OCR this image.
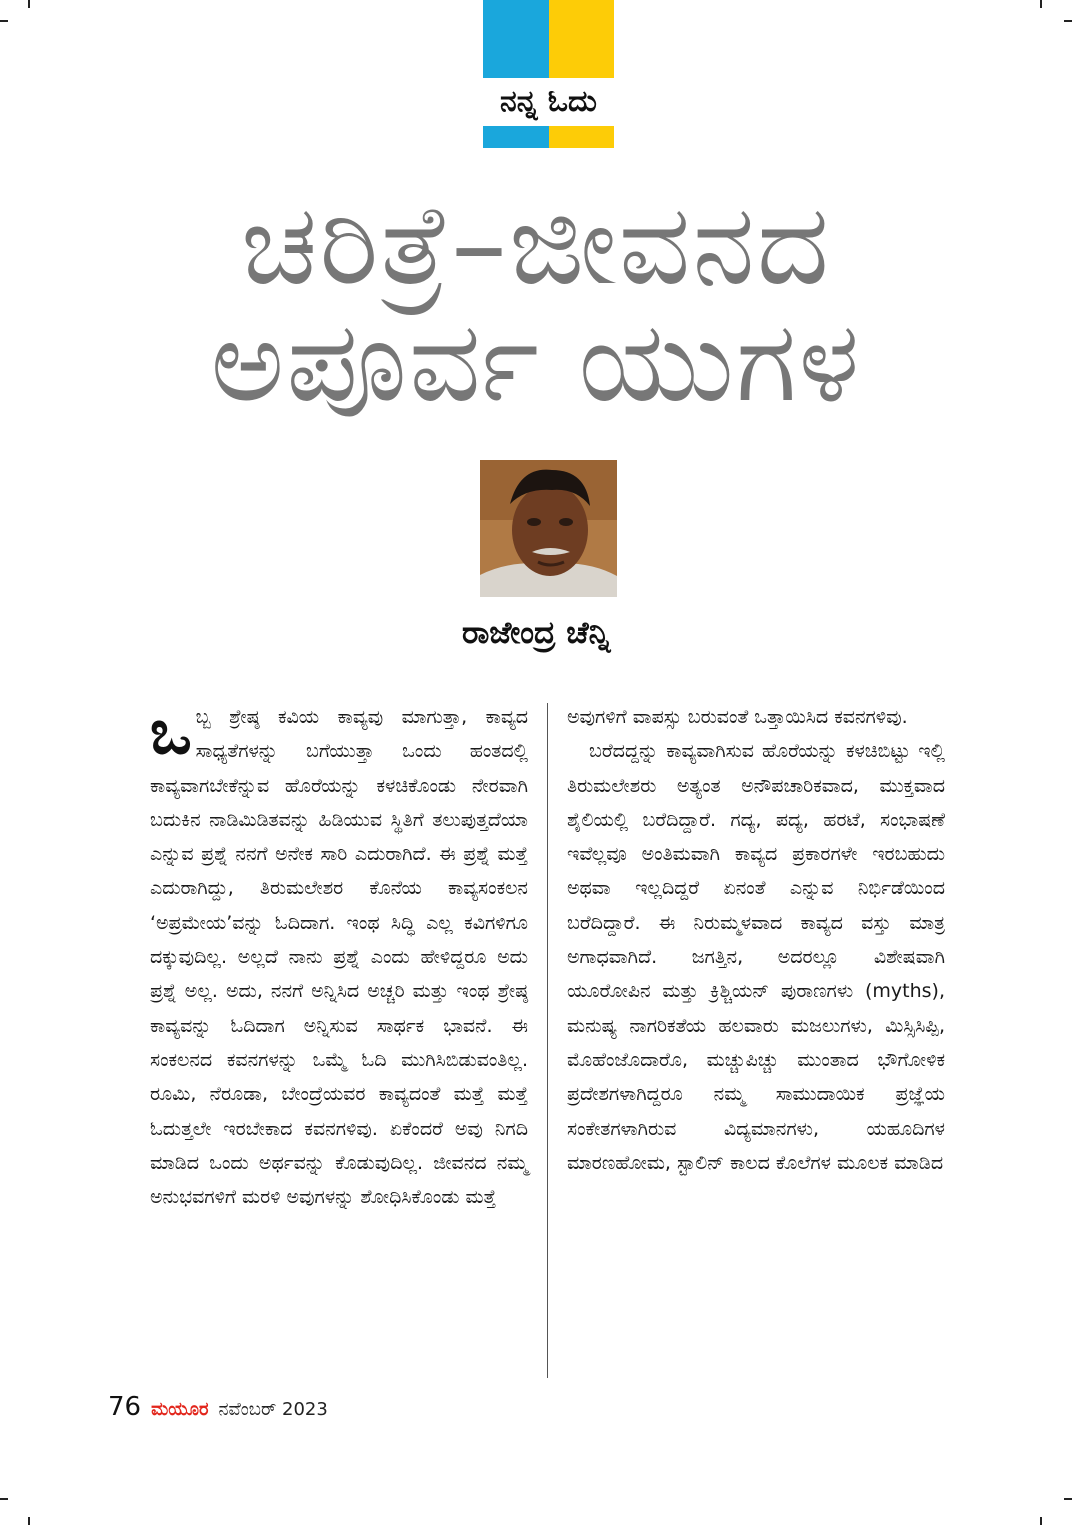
ನನ್ನ ಓದು
ಚರಿತ್ರೆ–ಜೀವನದ
ಅಪೂರ್ವ ಯುಗಳ
ರಾಜೇಂದ್ರ ಚೆನ್ನಿ

ಒಬ್ಬ ಶ್ರೇಷ್ಠ ಕವಿಯ ಕಾವ್ಯವು ಮಾಗುತ್ತಾ, ಕಾವ್ಯದ ಸಾಧ್ಯತೆಗಳನ್ನು ಬಗೆಯುತ್ತಾ ಒಂದು ಹಂತದಲ್ಲಿ ಕಾವ್ಯವಾಗಬೇಕೆನ್ನುವ ಹೊರೆಯನ್ನು ಕಳಚಿಕೊಂಡು ನೇರವಾಗಿ ಬದುಕಿನ ನಾಡಿಮಿಡಿತವನ್ನು ಹಿಡಿಯುವ ಸ್ಥಿತಿಗೆ ತಲುಪುತ್ತದೆಯಾ ಎನ್ನುವ ಪ್ರಶ್ನೆ ನನಗೆ ಅನೇಕ ಸಾರಿ ಎದುರಾಗಿದೆ. ಈ ಪ್ರಶ್ನೆ ಮತ್ತೆ ಎದುರಾಗಿದ್ದು, ತಿರುಮಲೇಶರ ಕೊನೆಯ ಕಾವ್ಯಸಂಕಲನ ‘ಅಪ್ರಮೇಯ’ವನ್ನು ಓದಿದಾಗ. ಇಂಥ ಸಿದ್ಧಿ ಎಲ್ಲ ಕವಿಗಳಿಗೂ ದಕ್ಕುವುದಿಲ್ಲ. ಅಲ್ಲದೆ ನಾನು ಪ್ರಶ್ನೆ ಎಂದು ಹೇಳಿದ್ದರೂ ಅದು ಪ್ರಶ್ನೆ ಅಲ್ಲ. ಅದು, ನನಗೆ ಅನ್ನಿಸಿದ ಅಚ್ಚರಿ ಮತ್ತು ಇಂಥ ಶ್ರೇಷ್ಠ ಕಾವ್ಯವನ್ನು ಓದಿದಾಗ ಅನ್ನಿಸುವ ಸಾರ್ಥಕ ಭಾವನೆ. ಈ ಸಂಕಲನದ ಕವನಗಳನ್ನು ಒಮ್ಮೆ ಓದಿ ಮುಗಿಸಿಬಿಡುವಂತಿಲ್ಲ. ರೂಮಿ, ನೆರೂಡಾ, ಬೇಂದ್ರೆಯವರ ಕಾವ್ಯದಂತೆ ಮತ್ತೆ ಮತ್ತೆ ಓದುತ್ತಲೇ ಇರಬೇಕಾದ ಕವನಗಳಿವು. ಏಕೆಂದರೆ ಅವು ನಿಗದಿ ಮಾಡಿದ ಒಂದು ಅರ್ಥವನ್ನು ಕೊಡುವುದಿಲ್ಲ. ಜೀವನದ ನಮ್ಮ ಅನುಭವಗಳಿಗೆ ಮರಳಿ ಅವುಗಳನ್ನು ಶೋಧಿಸಿಕೊಂಡು ಮತ್ತೆ

ಅವುಗಳಿಗೆ ವಾಪಸ್ಸು ಬರುವಂತೆ ಒತ್ತಾಯಿಸಿದ ಕವನಗಳಿವು.

ಬರೆದದ್ದನ್ನು ಕಾವ್ಯವಾಗಿಸುವ ಹೊರೆಯನ್ನು ಕಳಚಿಬಿಟ್ಟು ಇಲ್ಲಿ ತಿರುಮಲೇಶರು ಅತ್ಯಂತ ಅನೌಪಚಾರಿಕವಾದ, ಮುಕ್ತವಾದ ಶೈಲಿಯಲ್ಲಿ ಬರೆದಿದ್ದಾರೆ. ಗದ್ಯ, ಪದ್ಯ, ಹರಟೆ, ಸಂಭಾಷಣೆ ಇವೆಲ್ಲವೂ ಅಂತಿಮವಾಗಿ ಕಾವ್ಯದ ಪ್ರಕಾರಗಳೇ ಇರಬಹುದು ಅಥವಾ ಇಲ್ಲದಿದ್ದರೆ ಏನಂತೆ ಎನ್ನುವ ನಿರ್ಭಿಡೆಯಿಂದ ಬರೆದಿದ್ದಾರೆ. ಈ ನಿರುಮ್ಮಳವಾದ ಕಾವ್ಯದ ವಸ್ತು ಮಾತ್ರ ಅಗಾಧವಾಗಿದೆ. ಜಗತ್ತಿನ, ಅದರಲ್ಲೂ ವಿಶೇಷವಾಗಿ ಯೂರೋಪಿನ ಮತ್ತು ಕ್ರಿಶ್ಚಿಯನ್ ಪುರಾಣಗಳು (myths), ಮನುಷ್ಯ ನಾಗರಿಕತೆಯ ಹಲವಾರು ಮಜಲುಗಳು, ಮಿಸ್ಸಿಸಿಪ್ಪಿ, ಮೊಹೆಂಜೊದಾರೊ, ಮಚ್ಚುಪಿಚ್ಚು ಮುಂತಾದ ಭೌಗೋಳಿಕ ಪ್ರದೇಶಗಳಾಗಿದ್ದರೂ ನಮ್ಮ ಸಾಮುದಾಯಿಕ ಪ್ರಜ್ಞೆಯ ಸಂಕೇತಗಳಾಗಿರುವ ವಿದ್ಯಮಾನಗಳು, ಯಹೂದಿಗಳ ಮಾರಣಹೋಮ, ಸ್ಟಾಲಿನ್ ಕಾಲದ ಕೊಲೆಗಳ ಮೂಲಕ ಮಾಡಿದ

76 ಮಯೂರ ನವೆಂಬರ್ 2023
